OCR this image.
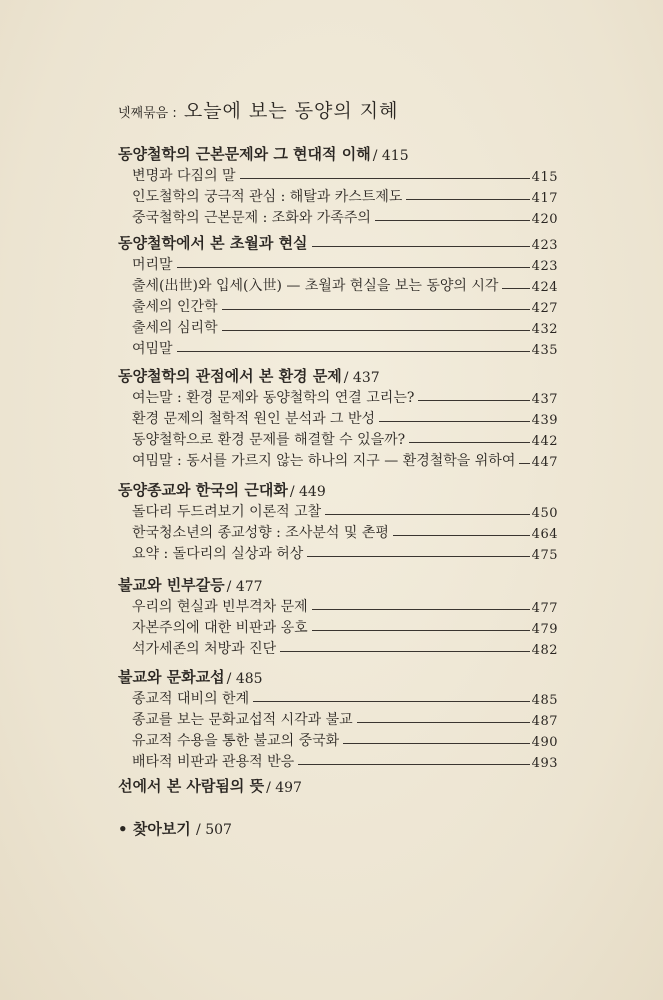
넷째묶음 : 오늘에 보는 동양의 지혜
동양철학의 근본문제와 그 현대적 이해 / 415
변명과 다짐의 말	415
인도철학의 궁극적 관심 : 해탈과 카스트제도	417
중국철학의 근본문제 : 조화와 가족주의	420
동양철학에서 본 초월과 현실	423
머리말	423
출세(出世)와 입세(入世) — 초월과 현실을 보는 동양의 시각	424
출세의 인간학	427
출세의 심리학	432
여밈말	435
동양철학의 관점에서 본 환경 문제 / 437
여는말 : 환경 문제와 동양철학의 연결 고리는?	437
환경 문제의 철학적 원인 분석과 그 반성	439
동양철학으로 환경 문제를 해결할 수 있을까?	442
여밈말 : 동서를 가르지 않는 하나의 지구 — 환경철학을 위하여 447
동양종교와 한국의 근대화 / 449
돌다리 두드려보기 이론적 고찰	450
한국청소년의 종교성향 : 조사분석 및 촌평	464
요약 : 돌다리의 실상과 허상	475
불교와 빈부갈등 / 477
우리의 현실과 빈부격차 문제	477
자본주의에 대한 비판과 옹호	479
석가세존의 처방과 진단	482
불교와 문화교섭 / 485
종교적 대비의 한계	485
종교를 보는 문화교섭적 시각과 불교	487
유교적 수용을 통한 불교의 중국화	490
배타적 비판과 관용적 반응	493
선에서 본 사람됨의 뜻 / 497
• 찾아보기 / 507
